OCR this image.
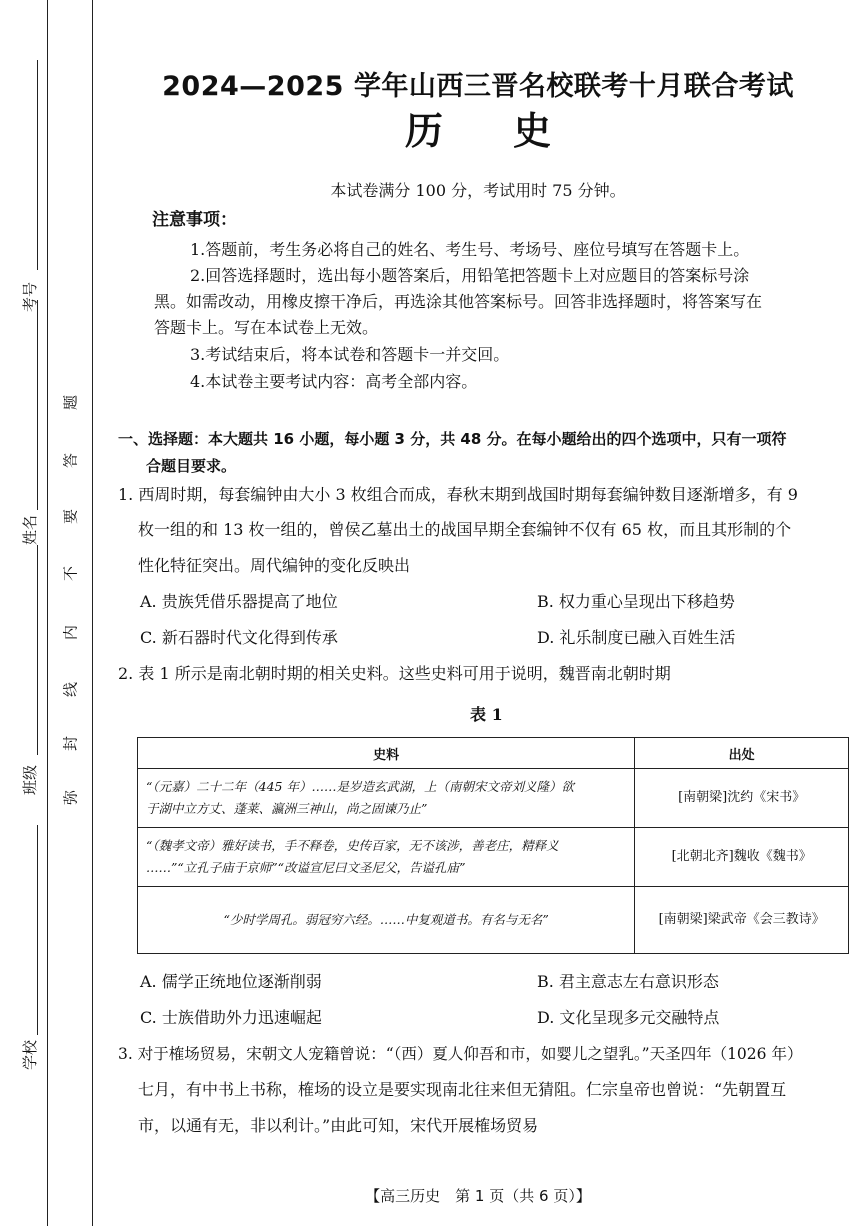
考号
姓名
班级
学校
弥
封
线
内
不
要
答
题
2024—2025 学年山西三晋名校联考十月联合考试
历史
本试卷满分 100 分，考试用时 75 分钟。
注意事项：
1.答题前，考生务必将自己的姓名、考生号、考场号、座位号填写在答题卡上。
2.回答选择题时，选出每小题答案后，用铅笔把答题卡上对应题目的答案标号涂
黑。如需改动，用橡皮擦干净后，再选涂其他答案标号。回答非选择题时，将答案写在
答题卡上。写在本试卷上无效。
3.考试结束后，将本试卷和答题卡一并交回。
4.本试卷主要考试内容：高考全部内容。
一、选择题：本大题共 16 小题，每小题 3 分，共 48 分。在每小题给出的四个选项中，只有一项符
合题目要求。
1. 西周时期，每套编钟由大小 3 枚组合而成，春秋末期到战国时期每套编钟数目逐渐增多，有 9
枚一组的和 13 枚一组的，曾侯乙墓出土的战国早期全套编钟不仅有 65 枚，而且其形制的个
性化特征突出。周代编钟的变化反映出
A. 贵族凭借乐器提高了地位	B. 权力重心呈现出下移趋势
C. 新石器时代文化得到传承	D. 礼乐制度已融入百姓生活
2. 表 1 所示是南北朝时期的相关史料。这些史料可用于说明，魏晋南北朝时期
表 1
史料	出处

“（元嘉）二十二年（445 年）……是岁造玄武湖，上（南朝宋文帝刘义隆）欲
于湖中立方丈、蓬莱、瀛洲三神山，尚之固谏乃止”	[南朝梁]沈约《宋书》

“（魏孝文帝）雅好读书，手不释卷，史传百家，无不该涉，善老庄，精释义
……”“立孔子庙于京师”“改谥宣尼曰文圣尼父，告谥孔庙”	[北朝北齐]魏收《魏书》

“少时学周孔。弱冠穷六经。……中复观道书。有名与无名”	[南朝梁]梁武帝《会三教诗》
A. 儒学正统地位逐渐削弱	B. 君主意志左右意识形态
C. 士族借助外力迅速崛起	D. 文化呈现多元交融特点
3. 对于榷场贸易，宋朝文人宠籍曾说：“（西）夏人仰吾和市，如婴儿之望乳。”天圣四年（1026 年）
七月，有中书上书称，榷场的设立是要实现南北往来但无猜阻。仁宗皇帝也曾说：“先朝置互
市，以通有无，非以利计。”由此可知，宋代开展榷场贸易
【高三历史　第 1 页（共 6 页）】
